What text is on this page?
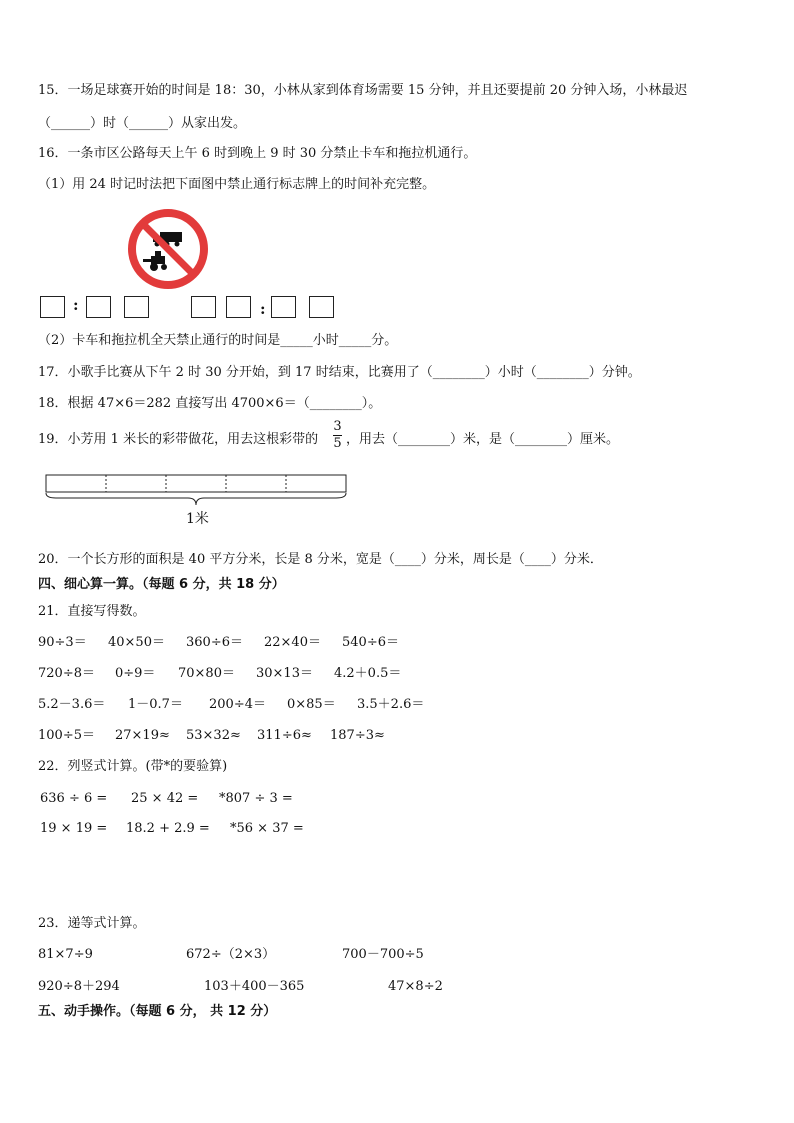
15．一场足球赛开始的时间是 18：30，小林从家到体育场需要 15 分钟，并且还要提前 20 分钟入场，小林最迟
（______）时（______）从家出发。
16．一条市区公路每天上午 6 时到晚上 9 时 30 分禁止卡车和拖拉机通行。
（1）用 24 时记时法把下面图中禁止通行标志牌上的时间补充完整。
:	:
（2）卡车和拖拉机全天禁止通行的时间是_____小时_____分。
17．小歌手比赛从下午 2 时 30 分开始，到 17 时结束，比赛用了（________）小时（________）分钟。
18．根据 47×6＝282 直接写出 4700×6＝（________）。
19．小芳用 1 米长的彩带做花，用去这根彩带的
3
5 ，用去（________）米，是（________）厘米。
1米
20．一个长方形的面积是 40 平方分米，长是 8 分米，宽是（____）分米，周长是（____）分米．
四、细心算一算。（每题 6 分，共 18 分）
21．直接写得数。
90÷3＝ 40×50＝ 360÷6＝ 22×40＝ 540÷6＝
720÷8＝ 0÷9＝ 70×80＝ 30×13＝ 4.2＋0.5＝
5.2－3.6＝ 1－0.7＝ 200÷4＝ 0×85＝ 3.5＋2.6＝
100÷5＝ 27×19≈ 53×32≈ 311÷6≈ 187÷3≈
22．列竖式计算。(带*的要验算)
636 ÷ 6 = 25 × 42 = *807 ÷ 3 =
19 × 19 = 18.2 + 2.9 = *56 × 37 =
23．递等式计算。
81×7÷9	672÷（2×3）	700－700÷5
920÷8＋294	103＋400－365	47×8÷2
五、动手操作。（每题 6 分， 共 12 分）
